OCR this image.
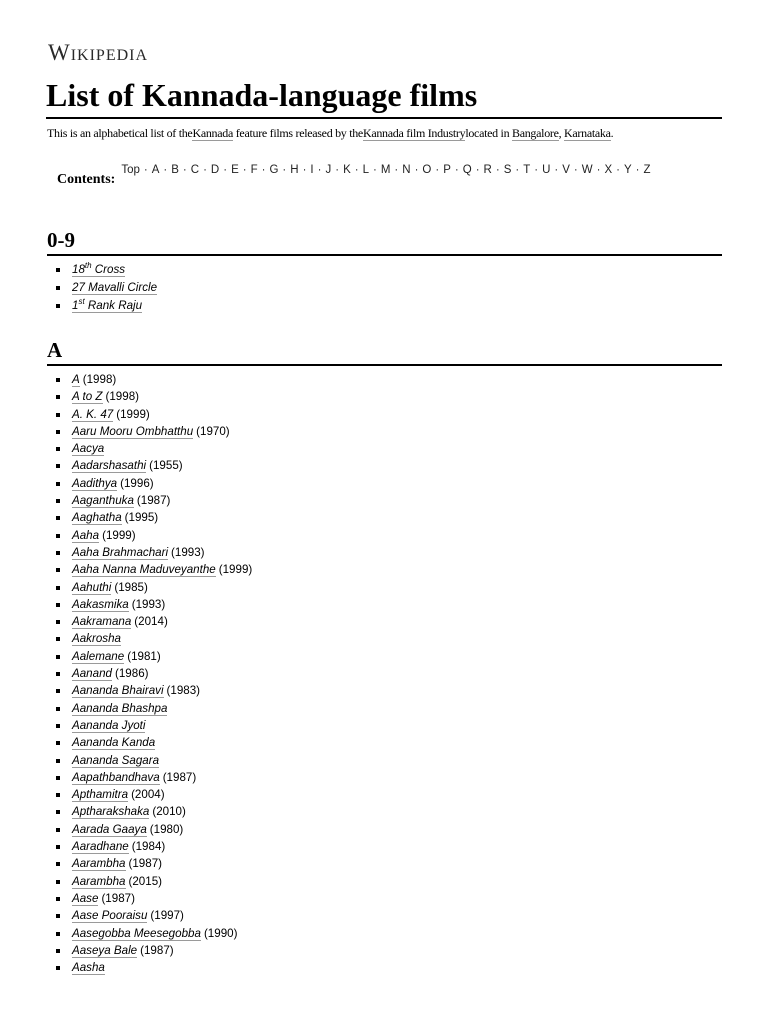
Wikipedia
List of Kannada-language films
This is an alphabetical list of theKannada feature films released by theKannada film Industrylocated in Bangalore, Karnataka.
Contents:
Top · A · B · C · D · E · F · G · H · I · J · K · L · M · N · O · P · Q · R · S · T · U · V · W · X · Y · Z
0-9
18th Cross
27 Mavalli Circle
1st Rank Raju
A
A (1998)
A to Z (1998)
A. K. 47 (1999)
Aaru Mooru Ombhatthu (1970)
Aacya
Aadarshasathi (1955)
Aadithya (1996)
Aaganthuka (1987)
Aaghatha (1995)
Aaha (1999)
Aaha Brahmachari (1993)
Aaha Nanna Maduveyanthe (1999)
Aahuthi (1985)
Aakasmika (1993)
Aakramana (2014)
Aakrosha
Aalemane (1981)
Aanand (1986)
Aananda Bhairavi (1983)
Aananda Bhashpa
Aananda Jyoti
Aananda Kanda
Aananda Sagara
Aapathbandhava (1987)
Apthamitra (2004)
Aptharakshaka (2010)
Aarada Gaaya (1980)
Aaradhane (1984)
Aarambha (1987)
Aarambha (2015)
Aase (1987)
Aase Pooraisu (1997)
Aasegobba Meesegobba (1990)
Aaseya Bale (1987)
Aasha
